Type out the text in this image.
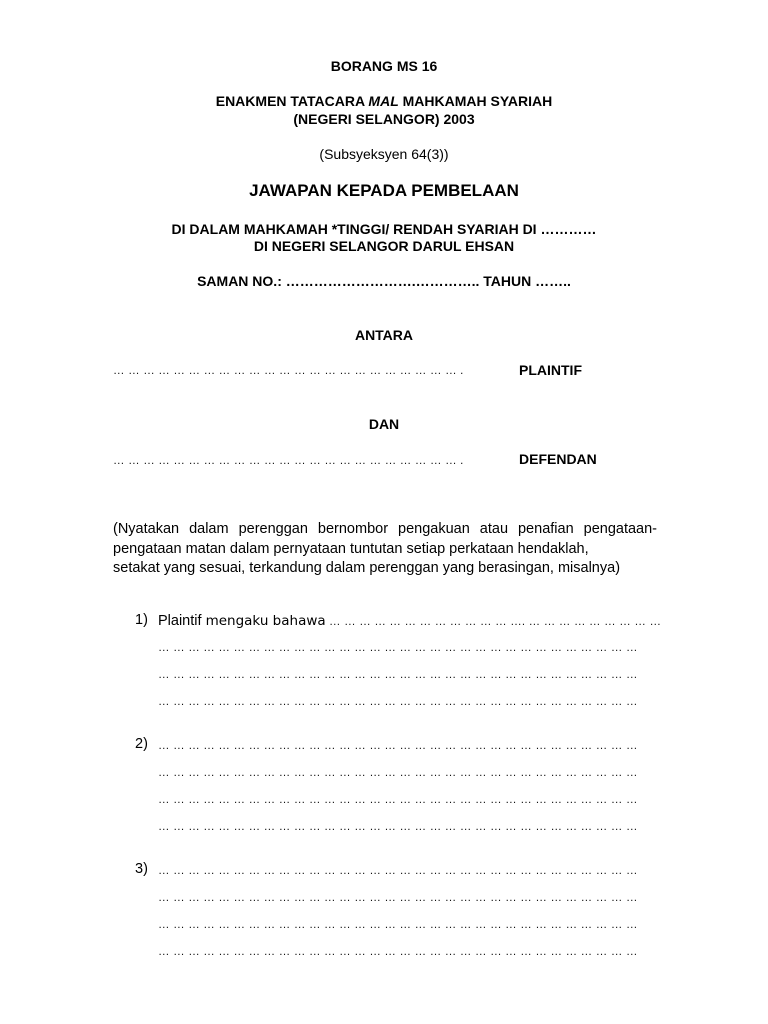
BORANG MS 16
ENAKMEN TATACARA MAL MAHKAMAH SYARIAH
(NEGERI SELANGOR) 2003
(Subsyeksyen 64(3))
JAWAPAN KEPADA PEMBELAAN
DI DALAM MAHKAMAH *TINGGI/ RENDAH SYARIAH DI …………
DI NEGERI SELANGOR DARUL EHSAN
SAMAN NO.: ……………………….………….. TAHUN ……..
ANTARA
… … … … … … … … … … … … … … … … … … … … … … … .	PLAINTIF
DAN
… … … … … … … … … … … … … … … … … … … … … … … .	DEFENDAN
(Nyatakan dalam perenggan bernombor pengakuan atau penafian pengataan-pengataan matan dalam pernyataan tuntutan setiap perkataan hendaklah,
setakat yang sesuai, terkandung dalam perenggan yang berasingan, misalnya)
1) Plaintif mengaku bahawa … … … … … … … … … … … … …. … … … … … … … … …
… … … … … … … … … … … … … … … … … … … … … … … … … … … … … … … …
… … … … … … … … … … … … … … … … … … … … … … … … … … … … … … … …
… … … … … … … … … … … … … … … … … … … … … … … … … … … … … … … …
2) … … … … … … … … … … … … … … … … … … … … … … … … … … … … … … … …
… … … … … … … … … … … … … … … … … … … … … … … … … … … … … … … …
… … … … … … … … … … … … … … … … … … … … … … … … … … … … … … … …
… … … … … … … … … … … … … … … … … … … … … … … … … … … … … … … …
3) … … … … … … … … … … … … … … … … … … … … … … … … … … … … … … … …
… … … … … … … … … … … … … … … … … … … … … … … … … … … … … … … …
… … … … … … … … … … … … … … … … … … … … … … … … … … … … … … … …
… … … … … … … … … … … … … … … … … … … … … … … … … … … … … … … …
